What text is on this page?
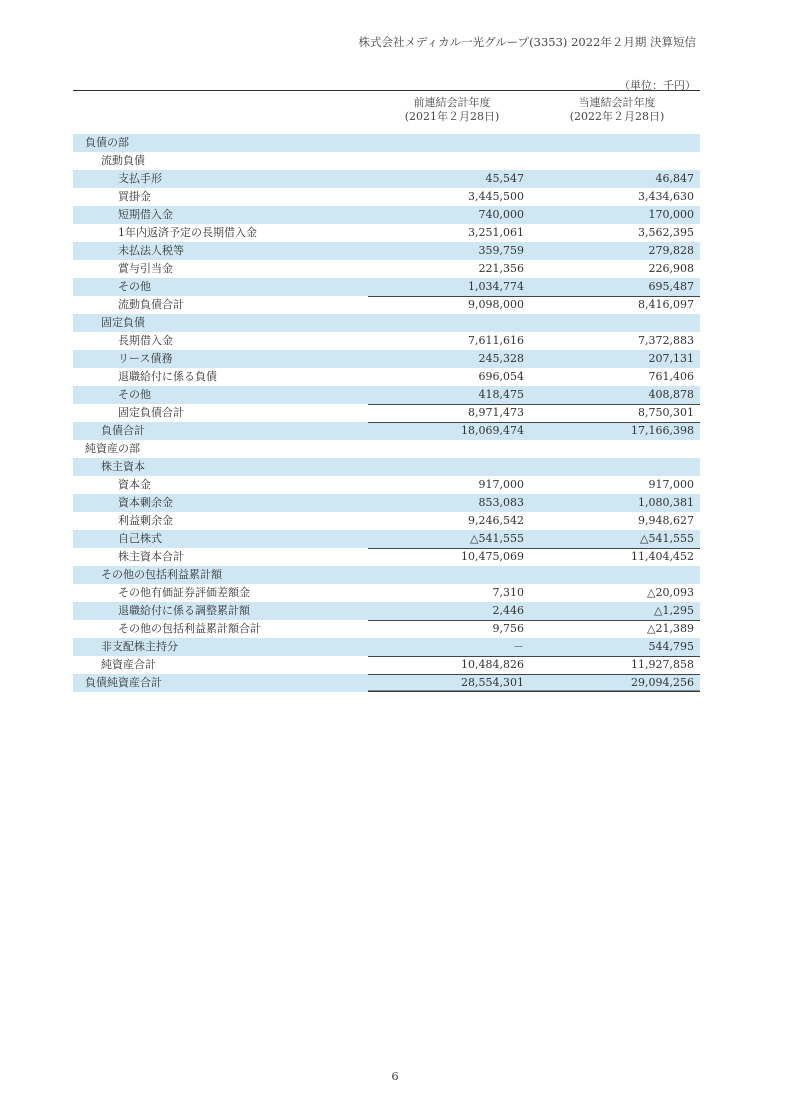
株式会社メディカル一光グループ(3353) 2022年２月期 決算短信
（単位：千円）
前連結会計年度
(2021年２月28日)
当連結会計年度
(2022年２月28日)
負債の部		
流動負債		
支払手形	45,547	46,847
買掛金	3,445,500	3,434,630
短期借入金	740,000	170,000
1年内返済予定の長期借入金	3,251,061	3,562,395
未払法人税等	359,759	279,828
賞与引当金	221,356	226,908
その他	1,034,774	695,487
流動負債合計	9,098,000	8,416,097
固定負債		
長期借入金	7,611,616	7,372,883
リース債務	245,328	207,131
退職給付に係る負債	696,054	761,406
その他	418,475	408,878
固定負債合計	8,971,473	8,750,301
負債合計	18,069,474	17,166,398
純資産の部		
株主資本		
資本金	917,000	917,000
資本剰余金	853,083	1,080,381
利益剰余金	9,246,542	9,948,627
自己株式	△541,555	△541,555
株主資本合計	10,475,069	11,404,452
その他の包括利益累計額		
その他有価証券評価差額金	7,310	△20,093
退職給付に係る調整累計額	2,446	△1,295
その他の包括利益累計額合計	9,756	△21,389
非支配株主持分	－	544,795
純資産合計	10,484,826	11,927,858
負債純資産合計	28,554,301	29,094,256
6
